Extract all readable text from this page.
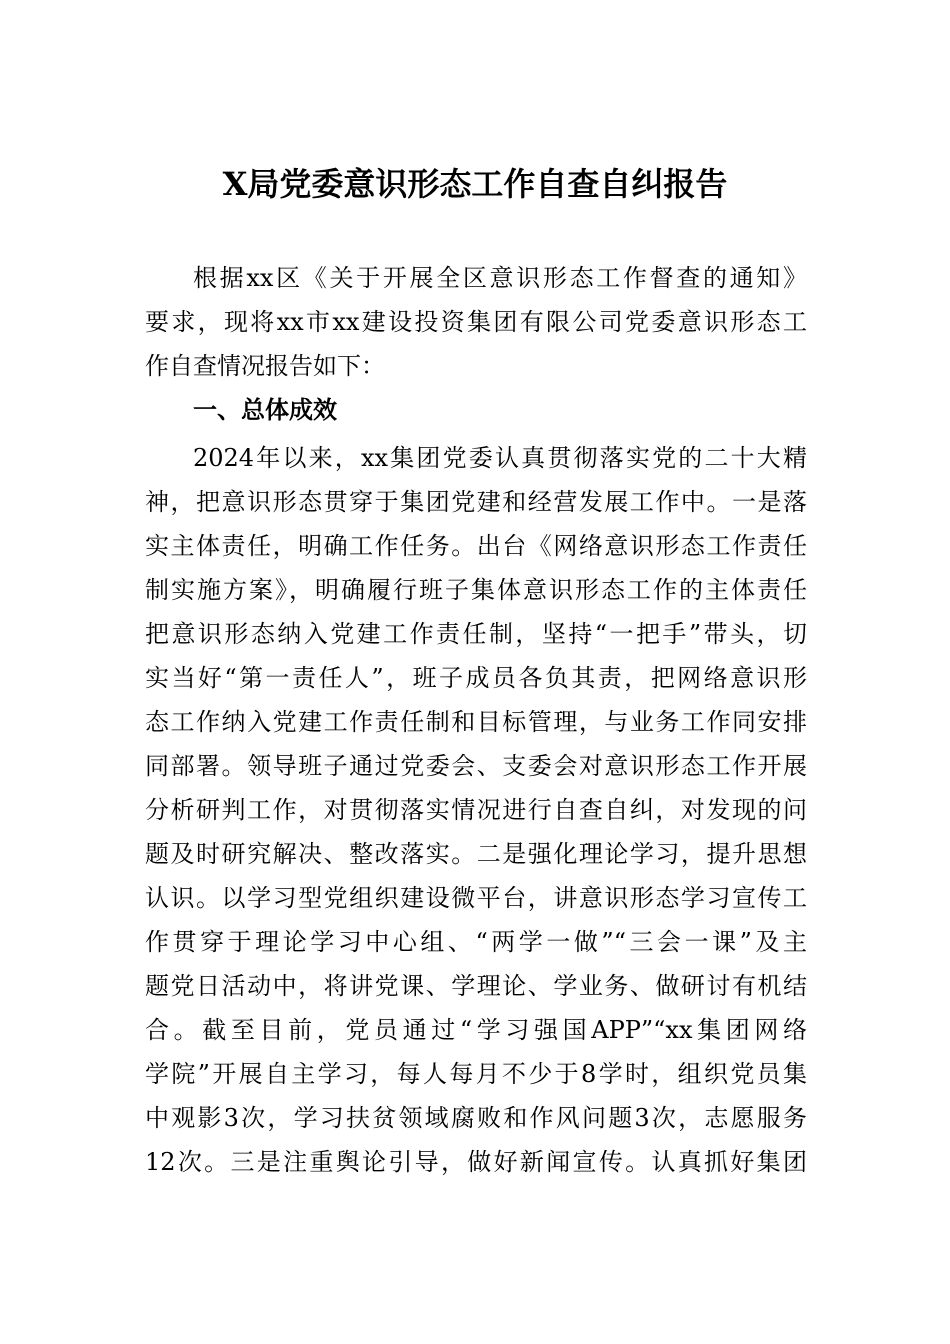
X局党委意识形态工作自查自纠报告
根据xx区《关于开展全区意识形态工作督查的通知》
要求，现将xx市xx建设投资集团有限公司党委意识形态工
作自查情况报告如下：
一、总体成效
2024年以来，xx集团党委认真贯彻落实党的二十大精
神，把意识形态贯穿于集团党建和经营发展工作中。一是落
实主体责任，明确工作任务。出台《网络意识形态工作责任
制实施方案》，明确履行班子集体意识形态工作的主体责任
把意识形态纳入党建工作责任制，坚持“一把手”带头，切
实当好“第一责任人”，班子成员各负其责，把网络意识形
态工作纳入党建工作责任制和目标管理，与业务工作同安排
同部署。领导班子通过党委会、支委会对意识形态工作开展
分析研判工作，对贯彻落实情况进行自查自纠，对发现的问
题及时研究解决、整改落实。二是强化理论学习，提升思想
认识。以学习型党组织建设微平台，讲意识形态学习宣传工
作贯穿于理论学习中心组、“两学一做”“三会一课”及主
题党日活动中，将讲党课、学理论、学业务、做研讨有机结
合。截至目前，党员通过“学习强国APP”“xx集团网络
学院”开展自主学习，每人每月不少于8学时，组织党员集
中观影3次，学习扶贫领域腐败和作风问题3次，志愿服务
12次。三是注重舆论引导，做好新闻宣传。认真抓好集团
